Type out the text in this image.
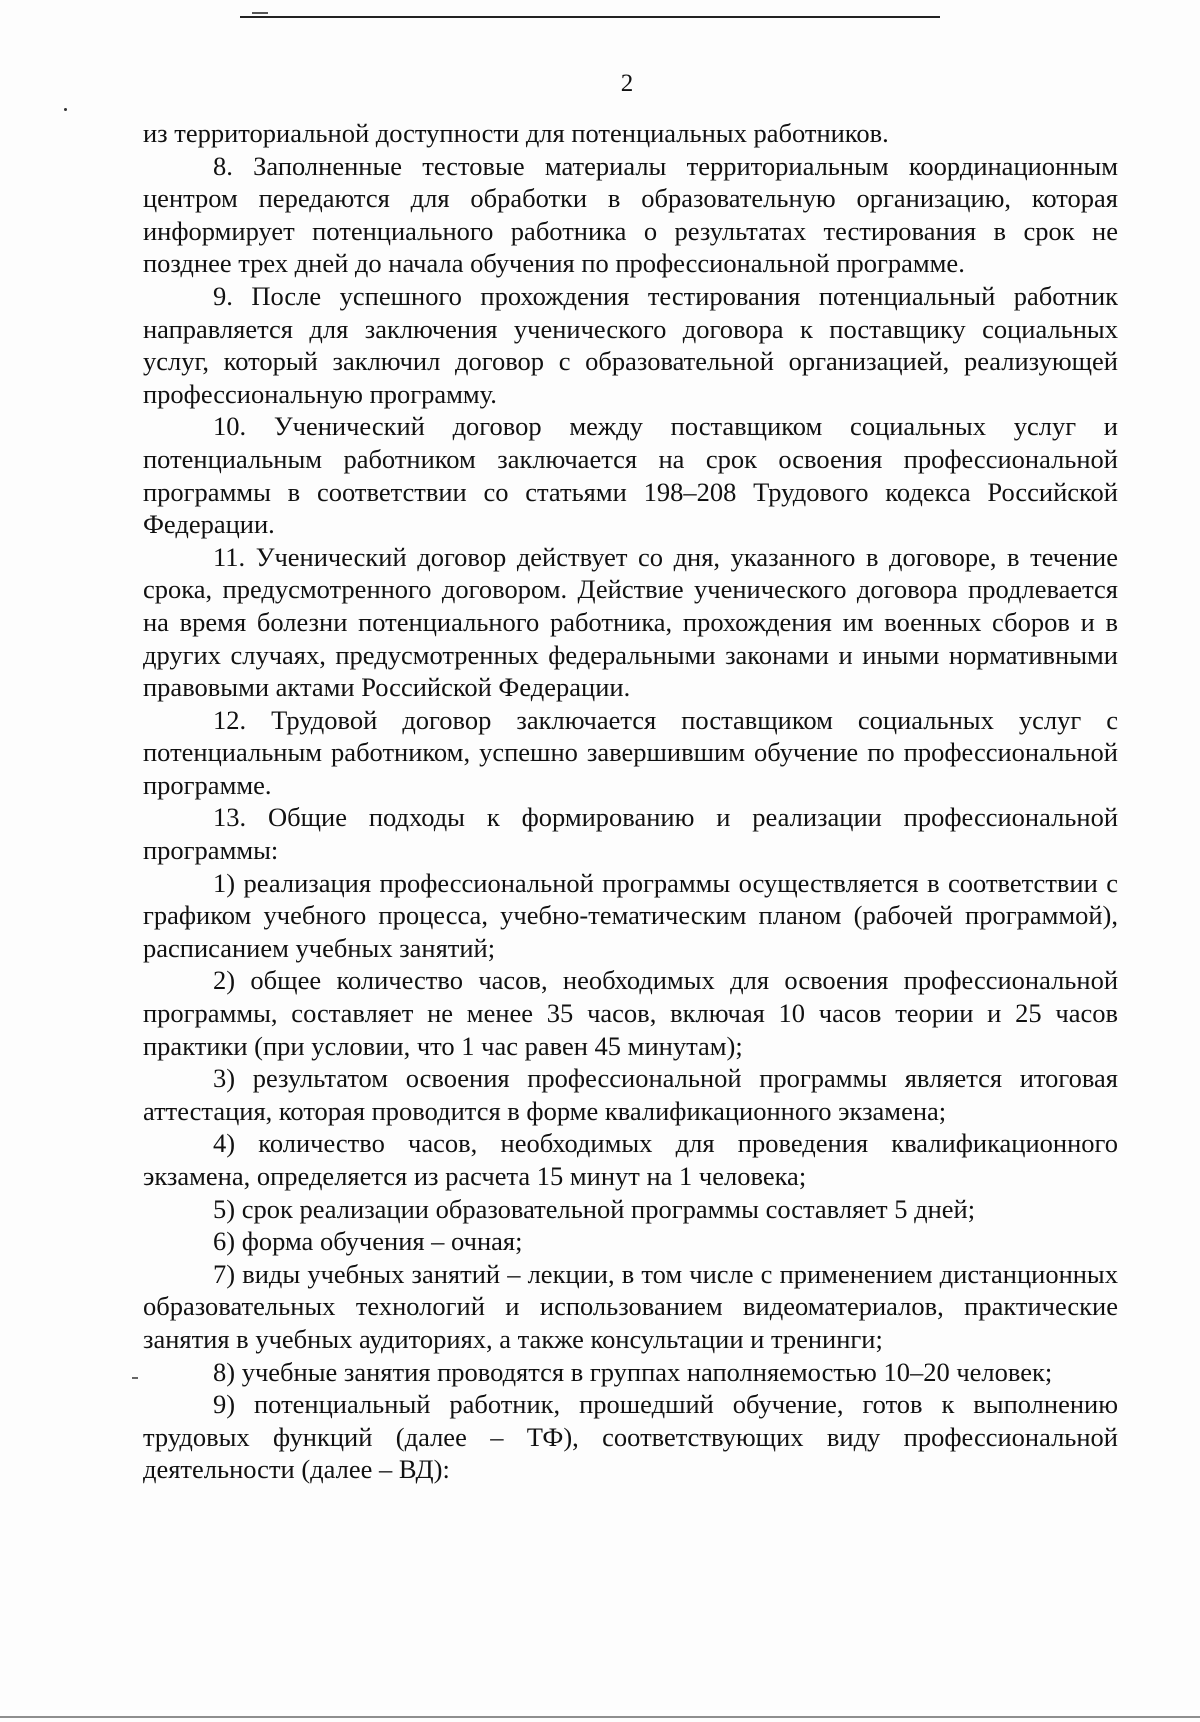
2

из территориальной доступности для потенциальных работников.

8. Заполненные тестовые материалы территориальным координационным центром передаются для обработки в образовательную организацию, которая информирует потенциального работника о результатах тестирования в срок не позднее трех дней до начала обучения по профессиональной программе.

9. После успешного прохождения тестирования потенциальный работник направляется для заключения ученического договора к поставщику социальных услуг, который заключил договор с образовательной организацией, реализующей профессиональную программу.

10. Ученический договор между поставщиком социальных услуг и потенциальным работником заключается на срок освоения профессиональной программы в соответствии со статьями 198–208 Трудового кодекса Российской Федерации.

11. Ученический договор действует со дня, указанного в договоре, в течение срока, предусмотренного договором. Действие ученического договора продлевается на время болезни потенциального работника, прохождения им военных сборов и в других случаях, предусмотренных федеральными законами и иными нормативными правовыми актами Российской Федерации.

12. Трудовой договор заключается поставщиком социальных услуг с потенциальным работником, успешно завершившим обучение по профессиональной программе.

13. Общие подходы к формированию и реализации профессиональной программы:

1) реализация профессиональной программы осуществляется в соответствии с графиком учебного процесса, учебно-тематическим планом (рабочей программой), расписанием учебных занятий;

2) общее количество часов, необходимых для освоения профессиональной программы, составляет не менее 35 часов, включая 10 часов теории и 25 часов практики (при условии, что 1 час равен 45 минутам);

3) результатом освоения профессиональной программы является итоговая аттестация, которая проводится в форме квалификационного экзамена;

4) количество часов, необходимых для проведения квалификационного экзамена, определяется из расчета 15 минут на 1 человека;

5) срок реализации образовательной программы составляет 5 дней;

6) форма обучения – очная;

7) виды учебных занятий – лекции, в том числе с применением дистанционных образовательных технологий и использованием видеоматериалов, практические занятия в учебных аудиториях, а также консультации и тренинги;

8) учебные занятия проводятся в группах наполняемостью 10–20 человек;

9) потенциальный работник, прошедший обучение, готов к выполнению трудовых функций (далее – ТФ), соответствующих виду профессиональной деятельности (далее – ВД):
